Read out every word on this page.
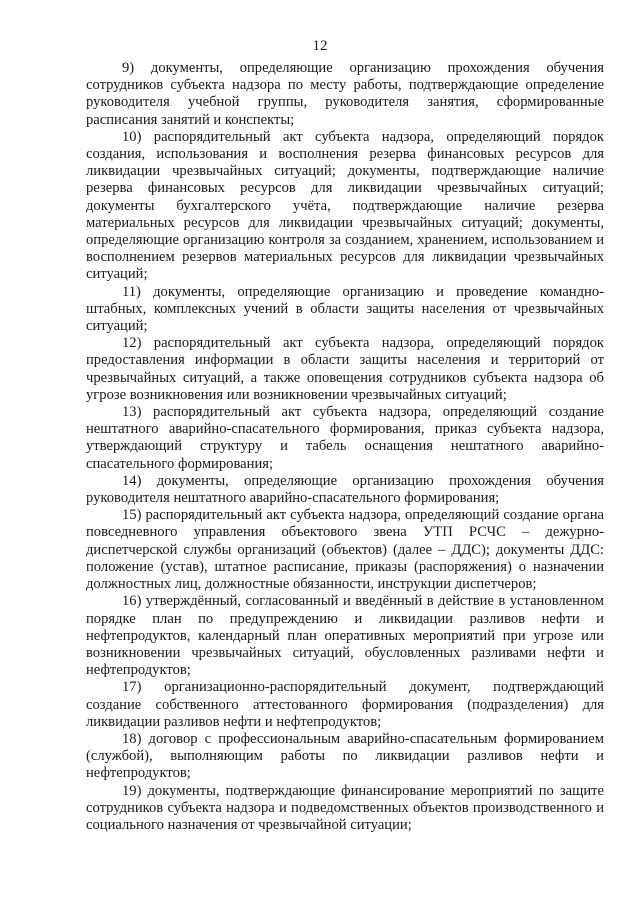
12

9) документы, определяющие организацию прохождения обучения сотрудников субъекта надзора по месту работы, подтверждающие определение руководителя учебной группы, руководителя занятия, сформированные расписания занятий и конспекты;

10) распорядительный акт субъекта надзора, определяющий порядок создания, использования и восполнения резерва финансовых ресурсов для ликвидации чрезвычайных ситуаций; документы, подтверждающие наличие резерва финансовых ресурсов для ликвидации чрезвычайных ситуаций; документы бухгалтерского учёта, подтверждающие наличие резерва материальных ресурсов для ликвидации чрезвычайных ситуаций; документы, определяющие организацию контроля за созданием, хранением, использованием и восполнением резервов материальных ресурсов для ликвидации чрезвычайных ситуаций;

11) документы, определяющие организацию и проведение командно-штабных, комплексных учений в области защиты населения от чрезвычайных ситуаций;

12) распорядительный акт субъекта надзора, определяющий порядок предоставления информации в области защиты населения и территорий от чрезвычайных ситуаций, а также оповещения сотрудников субъекта надзора об угрозе возникновения или возникновении чрезвычайных ситуаций;

13) распорядительный акт субъекта надзора, определяющий создание нештатного аварийно-спасательного формирования, приказ субъекта надзора, утверждающий структуру и табель оснащения нештатного аварийно-спасательного формирования;

14) документы, определяющие организацию прохождения обучения руководителя нештатного аварийно-спасательного формирования;

15) распорядительный акт субъекта надзора, определяющий создание органа повседневного управления объектового звена УТП РСЧС – дежурно-диспетчерской службы организаций (объектов) (далее – ДДС); документы ДДС: положение (устав), штатное расписание, приказы (распоряжения) о назначении должностных лиц, должностные обязанности, инструкции диспетчеров;

16) утверждённый, согласованный и введённый в действие в установленном порядке план по предупреждению и ликвидации разливов нефти и нефтепродуктов, календарный план оперативных мероприятий при угрозе или возникновении чрезвычайных ситуаций, обусловленных разливами нефти и нефтепродуктов;

17) организационно-распорядительный документ, подтверждающий создание собственного аттестованного формирования (подразделения) для ликвидации разливов нефти и нефтепродуктов;

18) договор с профессиональным аварийно-спасательным формированием (службой), выполняющим работы по ликвидации разливов нефти и нефтепродуктов;

19) документы, подтверждающие финансирование мероприятий по защите сотрудников субъекта надзора и подведомственных объектов производственного и социального назначения от чрезвычайной ситуации;
